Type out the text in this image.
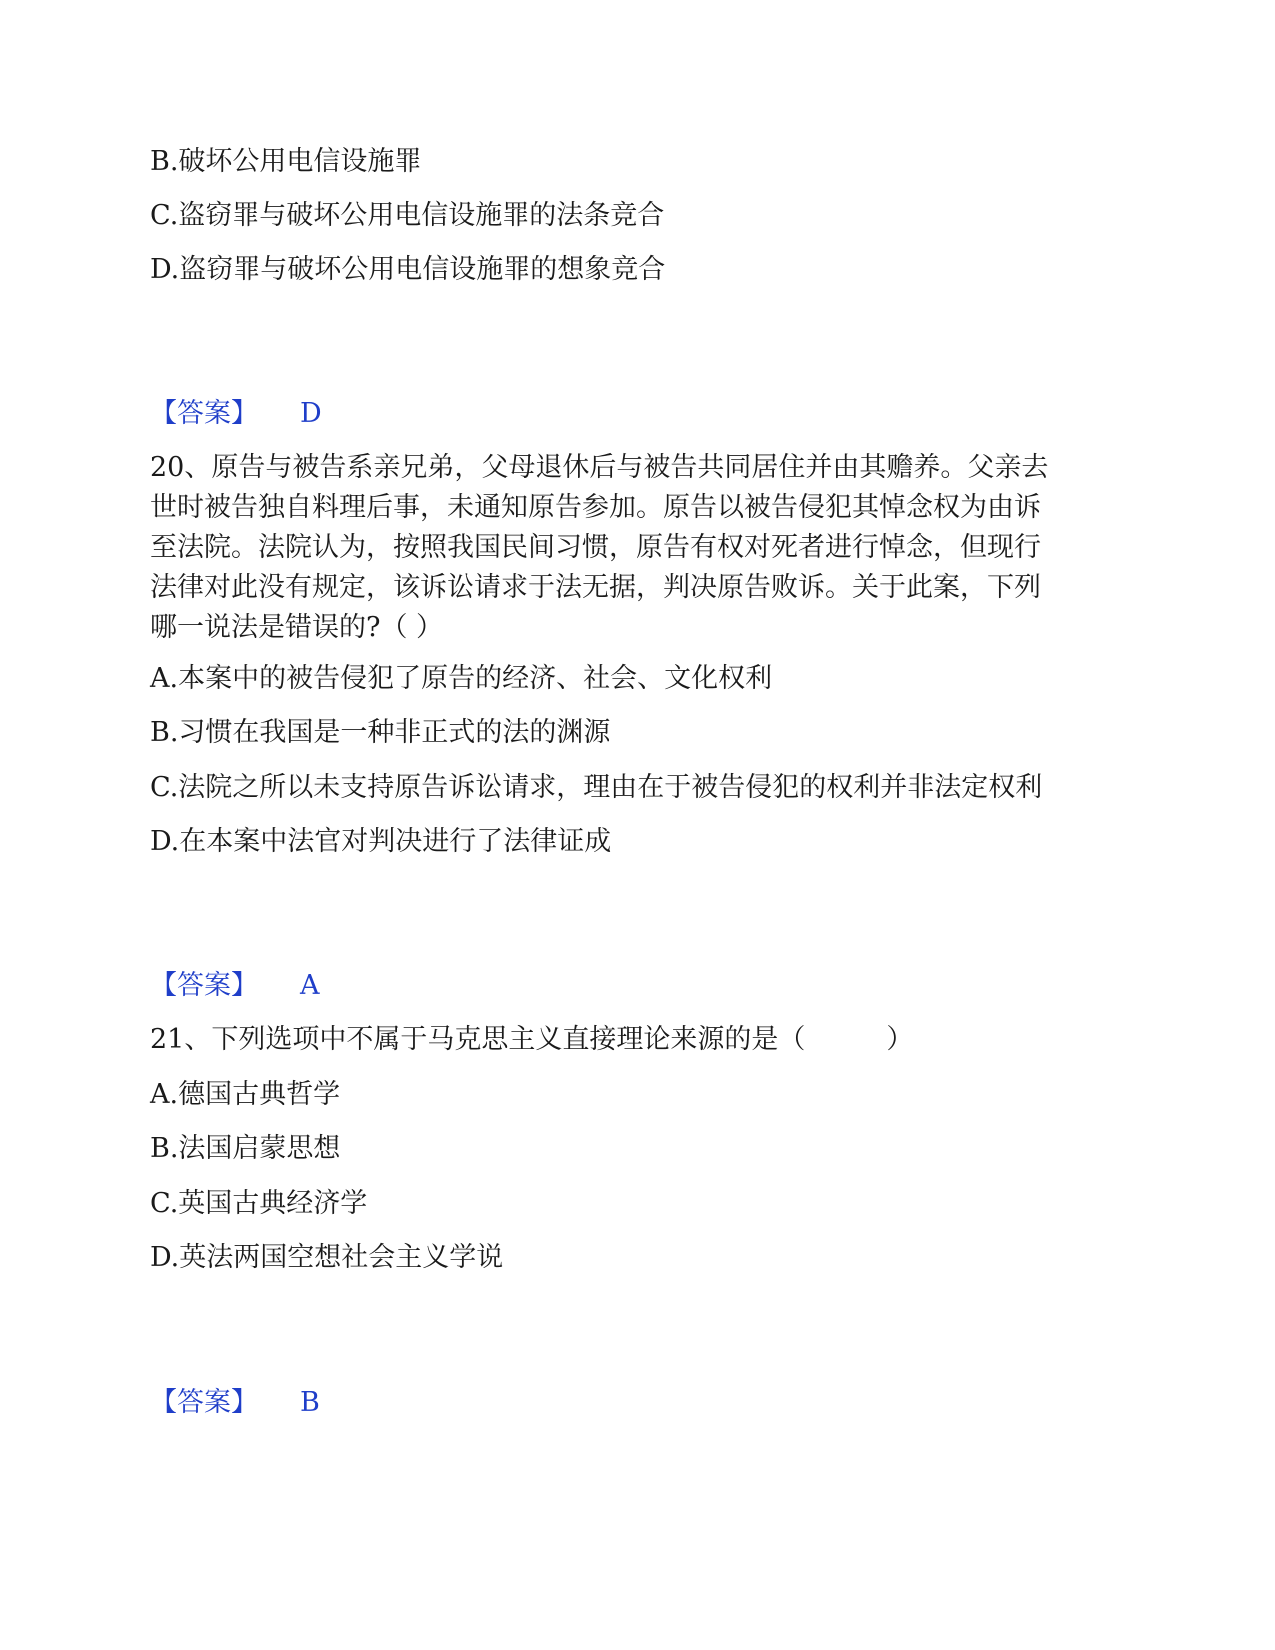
B.破坏公用电信设施罪
C.盗窃罪与破坏公用电信设施罪的法条竞合
D.盗窃罪与破坏公用电信设施罪的想象竞合
【答案】 D
20、原告与被告系亲兄弟，父母退休后与被告共同居住并由其赡养。父亲去
世时被告独自料理后事，未通知原告参加。原告以被告侵犯其悼念权为由诉
至法院。法院认为，按照我国民间习惯，原告有权对死者进行悼念，但现行
法律对此没有规定，该诉讼请求于法无据，判决原告败诉。关于此案，下列
哪一说法是错误的?（ ）
A.本案中的被告侵犯了原告的经济、社会、文化权利
B.习惯在我国是一种非正式的法的渊源
C.法院之所以未支持原告诉讼请求，理由在于被告侵犯的权利并非法定权利
D.在本案中法官对判决进行了法律证成
【答案】 A
21、下列选项中不属于马克思主义直接理论来源的是（　　　）
A.德国古典哲学
B.法国启蒙思想
C.英国古典经济学
D.英法两国空想社会主义学说
【答案】 B
